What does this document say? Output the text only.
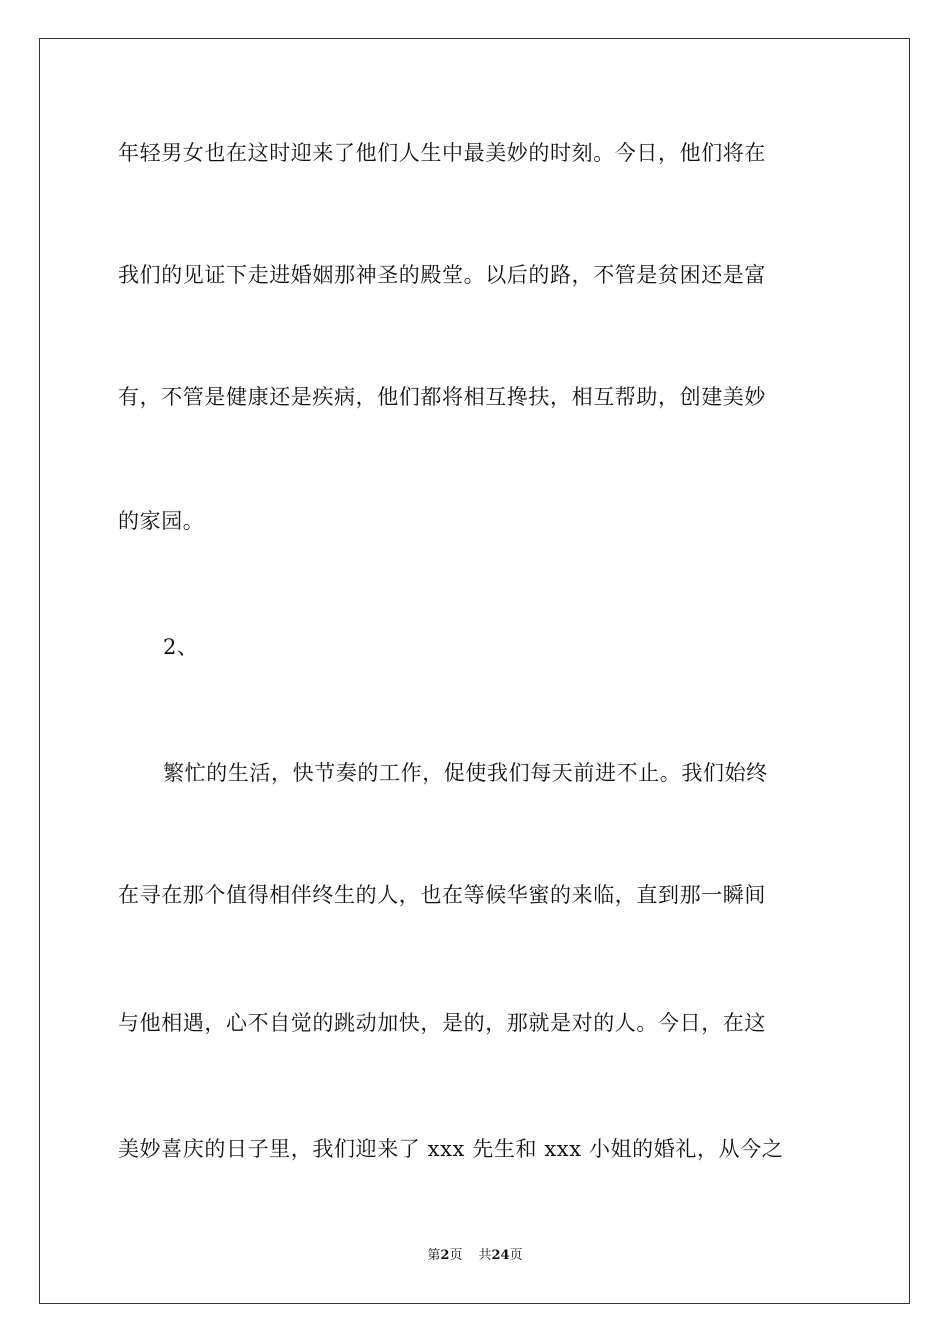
年轻男女也在这时迎来了他们人生中最美妙的时刻。今日，他们将在

我们的见证下走进婚姻那神圣的殿堂。以后的路，不管是贫困还是富

有，不管是健康还是疾病，他们都将相互搀扶，相互帮助，创建美妙

的家园。

2、

繁忙的生活，快节奏的工作，促使我们每天前进不止。我们始终

在寻在那个值得相伴终生的人，也在等候华蜜的来临，直到那一瞬间

与他相遇，心不自觉的跳动加快，是的，那就是对的人。今日，在这

美妙喜庆的日子里，我们迎来了 xxx 先生和 xxx 小姐的婚礼，从今之

第2页 共24页
